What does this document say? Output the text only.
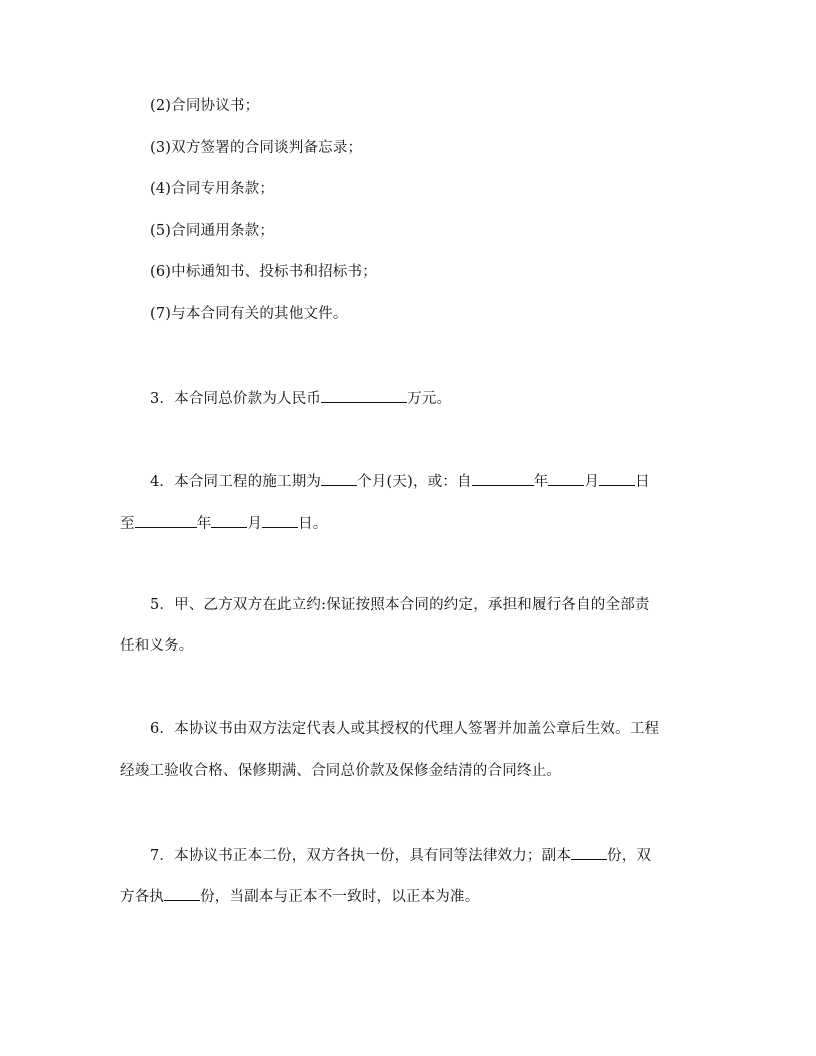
(2)合同协议书；
(3)双方签署的合同谈判备忘录；
(4)合同专用条款；
(5)合同通用条款；
(6)中标通知书、投标书和招标书；
(7)与本合同有关的其他文件。
3．本合同总价款为人民币	万元。
4．本合同工程的施工期为 个月(天)，或：自	年 月 日
至	年 月 日。
5．甲、乙方双方在此立约:保证按照本合同的约定，承担和履行各自的全部责
任和义务。
6．本协议书由双方法定代表人或其授权的代理人签署并加盖公章后生效。工程
经竣工验收合格、保修期满、合同总价款及保修金结清的合同终止。
7．本协议书正本二份，双方各执一份，具有同等法律效力；副本 份，双
方各执 份，当副本与正本不一致时，以正本为准。
